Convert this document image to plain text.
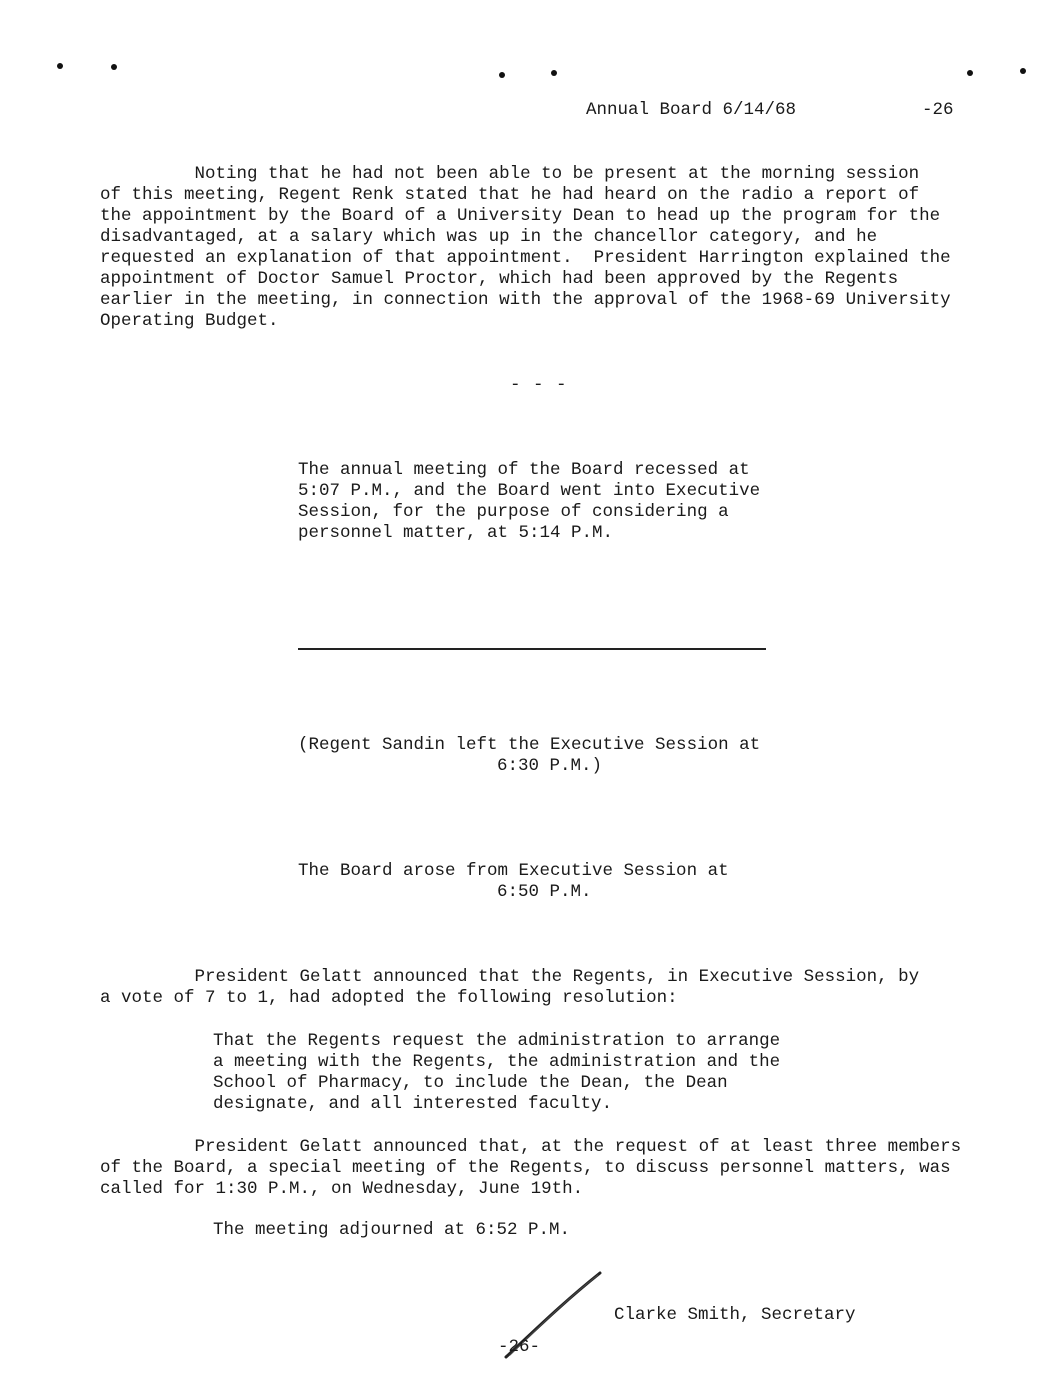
Annual Board 6/14/68	-26
Noting that he had not been able to be present at the morning session
of this meeting, Regent Renk stated that he had heard on the radio a report of
the appointment by the Board of a University Dean to head up the program for the
disadvantaged, at a salary which was up in the chancellor category, and he
requested an explanation of that appointment.  President Harrington explained the
appointment of Doctor Samuel Proctor, which had been approved by the Regents
earlier in the meeting, in connection with the approval of the 1968-69 University
Operating Budget.
- - -
The annual meeting of the Board recessed at
5:07 P.M., and the Board went into Executive
Session, for the purpose of considering a
personnel matter, at 5:14 P.M.
(Regent Sandin left the Executive Session at
6:30 P.M.)
The Board arose from Executive Session at
6:50 P.M.
President Gelatt announced that the Regents, in Executive Session, by
a vote of 7 to 1, had adopted the following resolution:
That the Regents request the administration to arrange
a meeting with the Regents, the administration and the
School of Pharmacy, to include the Dean, the Dean
designate, and all interested faculty.
President Gelatt announced that, at the request of at least three members
of the Board, a special meeting of the Regents, to discuss personnel matters, was
called for 1:30 P.M., on Wednesday, June 19th.
The meeting adjourned at 6:52 P.M.
Clarke Smith, Secretary
-26-
